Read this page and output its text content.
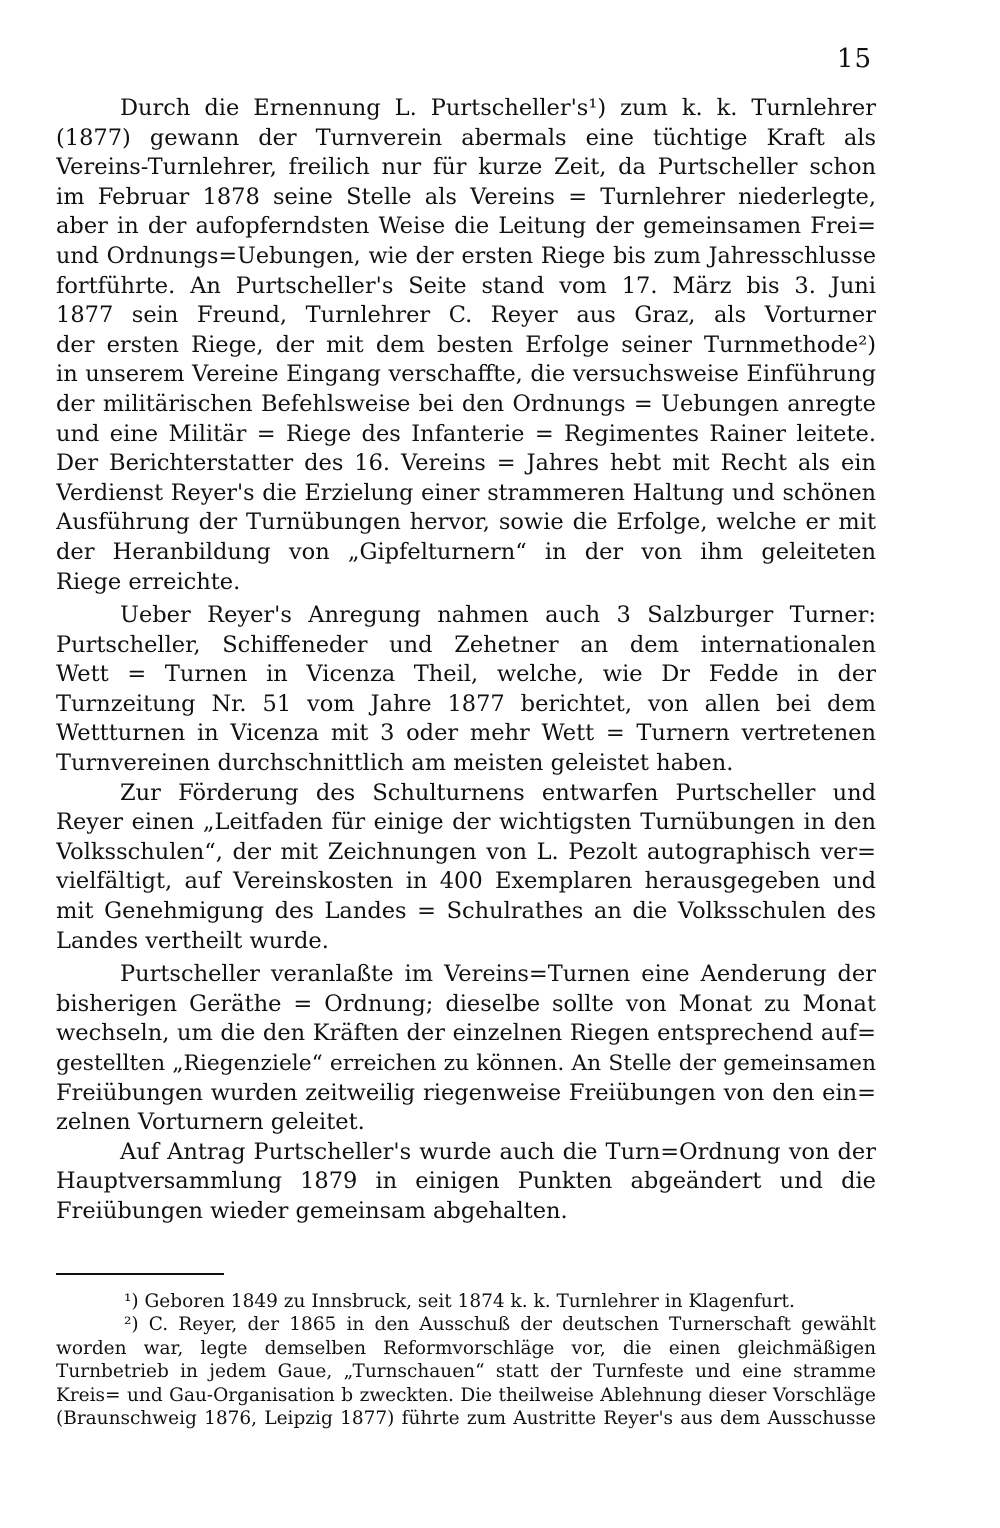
15
Durch die Ernennung L. Purtscheller's¹) zum k. k. Turnlehrer
(1877) gewann der Turnverein abermals eine tüchtige Kraft als
Vereins-Turnlehrer, freilich nur für kurze Zeit, da Purtscheller schon
im Februar 1878 seine Stelle als Vereins = Turnlehrer niederlegte,
aber in der aufopferndsten Weise die Leitung der gemeinsamen Frei=
und Ordnungs=Uebungen, wie der ersten Riege bis zum Jahresschlusse
fortführte. An Purtscheller's Seite stand vom 17. März bis 3. Juni
1877 sein Freund, Turnlehrer C. Reyer aus Graz, als Vorturner
der ersten Riege, der mit dem besten Erfolge seiner Turnmethode²)
in unserem Vereine Eingang verschaffte, die versuchsweise Einführung
der militärischen Befehlsweise bei den Ordnungs = Uebungen anregte
und eine Militär = Riege des Infanterie = Regimentes Rainer leitete.
Der Berichterstatter des 16. Vereins = Jahres hebt mit Recht als ein
Verdienst Reyer's die Erzielung einer strammeren Haltung und schönen
Ausführung der Turnübungen hervor, sowie die Erfolge, welche er mit
der Heranbildung von „Gipfelturnern“ in der von ihm geleiteten
Riege erreichte.
Ueber Reyer's Anregung nahmen auch 3 Salzburger Turner:
Purtscheller, Schiffeneder und Zehetner an dem internationalen
Wett = Turnen in Vicenza Theil, welche, wie Dr Fedde in der
Turnzeitung Nr. 51 vom Jahre 1877 berichtet, von allen bei dem
Wettturnen in Vicenza mit 3 oder mehr Wett = Turnern vertretenen
Turnvereinen durchschnittlich am meisten geleistet haben.
Zur Förderung des Schulturnens entwarfen Purtscheller und
Reyer einen „Leitfaden für einige der wichtigsten Turnübungen in den
Volksschulen“, der mit Zeichnungen von L. Pezolt autographisch ver=
vielfältigt, auf Vereinskosten in 400 Exemplaren herausgegeben und
mit Genehmigung des Landes = Schulrathes an die Volksschulen des
Landes vertheilt wurde.
Purtscheller veranlaßte im Vereins=Turnen eine Aenderung der
bisherigen Geräthe = Ordnung; dieselbe sollte von Monat zu Monat
wechseln, um die den Kräften der einzelnen Riegen entsprechend auf=
gestellten „Riegenziele“ erreichen zu können. An Stelle der gemeinsamen
Freiübungen wurden zeitweilig riegenweise Freiübungen von den ein=
zelnen Vorturnern geleitet.
Auf Antrag Purtscheller's wurde auch die Turn=Ordnung von der
Hauptversammlung 1879 in einigen Punkten abgeändert und die
Freiübungen wieder gemeinsam abgehalten.
¹) Geboren 1849 zu Innsbruck, seit 1874 k. k. Turnlehrer in Klagenfurt.
²) C. Reyer, der 1865 in den Ausschuß der deutschen Turnerschaft gewählt
worden war, legte demselben Reformvorschläge vor, die einen gleichmäßigen
Turnbetrieb in jedem Gaue, „Turnschauen“ statt der Turnfeste und eine stramme
Kreis= und Gau-Organisation b zweckten. Die theilweise Ablehnung dieser Vorschläge
(Braunschweig 1876, Leipzig 1877) führte zum Austritte Reyer's aus dem Ausschusse
